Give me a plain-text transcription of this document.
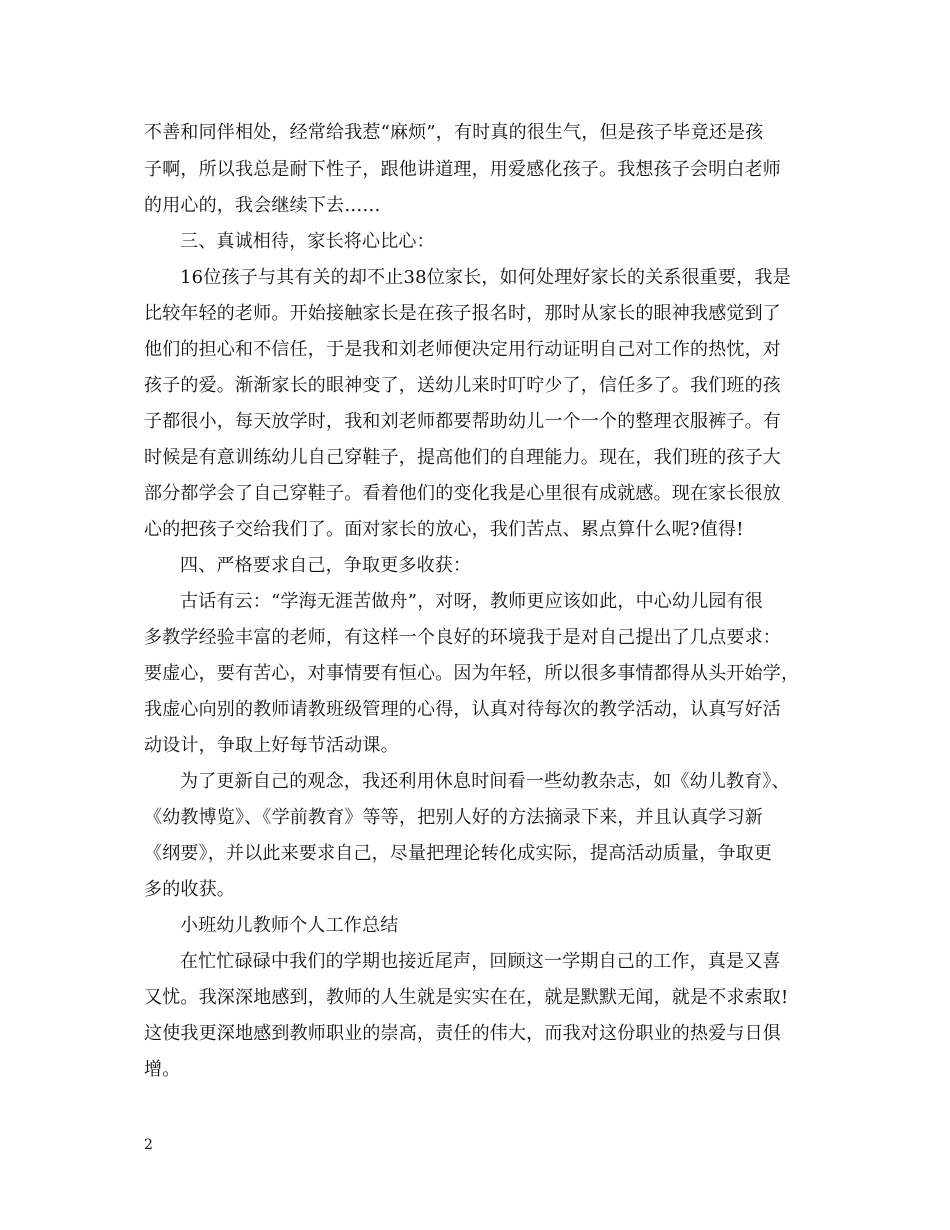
不善和同伴相处，经常给我惹“麻烦”，有时真的很生气，但是孩子毕竟还是孩
子啊，所以我总是耐下性子，跟他讲道理，用爱感化孩子。我想孩子会明白老师
的用心的，我会继续下去……
三、真诚相待，家长将心比心：
16位孩子与其有关的却不止38位家长，如何处理好家长的关系很重要，我是
比较年轻的老师。开始接触家长是在孩子报名时，那时从家长的眼神我感觉到了
他们的担心和不信任，于是我和刘老师便决定用行动证明自己对工作的热忱，对
孩子的爱。渐渐家长的眼神变了，送幼儿来时叮咛少了，信任多了。我们班的孩
子都很小，每天放学时，我和刘老师都要帮助幼儿一个一个的整理衣服裤子。有
时候是有意训练幼儿自己穿鞋子，提高他们的自理能力。现在，我们班的孩子大
部分都学会了自己穿鞋子。看着他们的变化我是心里很有成就感。现在家长很放
心的把孩子交给我们了。面对家长的放心，我们苦点、累点算什么呢?值得!
四、严格要求自己，争取更多收获：
古话有云：“学海无涯苦做舟”，对呀，教师更应该如此，中心幼儿园有很
多教学经验丰富的老师，有这样一个良好的环境我于是对自己提出了几点要求：
要虚心，要有苦心，对事情要有恒心。因为年轻，所以很多事情都得从头开始学，
我虚心向别的教师请教班级管理的心得，认真对待每次的教学活动，认真写好活
动设计，争取上好每节活动课。
为了更新自己的观念，我还利用休息时间看一些幼教杂志，如《幼儿教育》、
《幼教博览》、《学前教育》等等，把别人好的方法摘录下来，并且认真学习新
《纲要》，并以此来要求自己，尽量把理论转化成实际，提高活动质量，争取更
多的收获。
小班幼儿教师个人工作总结
在忙忙碌碌中我们的学期也接近尾声，回顾这一学期自己的工作，真是又喜
又忧。我深深地感到，教师的人生就是实实在在，就是默默无闻，就是不求索取!
这使我更深地感到教师职业的崇高，责任的伟大，而我对这份职业的热爱与日俱
增。
2
